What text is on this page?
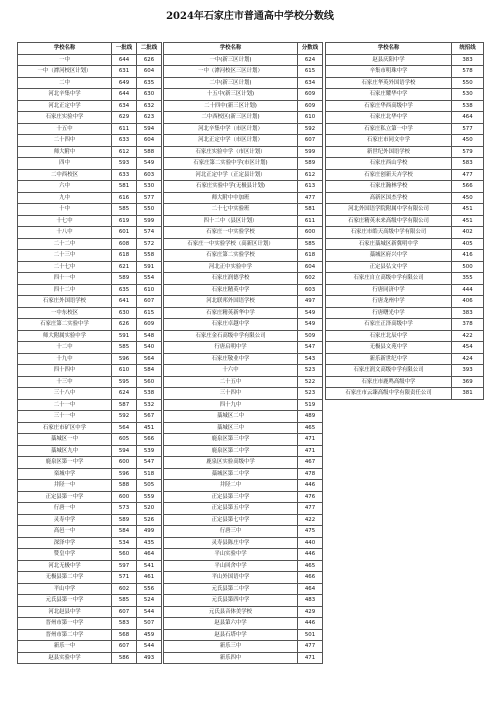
2024年石家庄市普通高中学校分数线
学校名称	一批线	二批线
一中	644	626
一中（滹河校区计划）	631	604
二中	649	635
河北辛集中学	644	630
河北正定中学	634	632
石家庄实验中学	629	623
十五中	611	594
二十四中	633	604
师大附中	612	588
四中	593	549
二中西校区	633	603
六中	581	530
九中	616	577
十中	585	550
十七中	619	599
十八中	601	574
二十二中	608	572
二十三中	618	558
二十七中	621	591
四十一中	589	554
四十二中	635	610
石家庄外国语学校	641	607
一中东校区	630	615
石家庄第二实验中学	626	609
师大附属实验中学	591	548
十二中	585	540
十九中	596	564
四十四中	610	584
十三中	595	560
三十八中	624	538
二十一中	587	532
三十一中	592	567
石家庄市矿区中学	564	451
藁城区一中	605	566
藁城区九中	594	539
鹿泉区第一中学	600	547
栾城中学	596	518
井陉一中	588	505
正定县第一中学	600	559
行唐一中	573	520
灵寿中学	589	526
高邑一中	584	499
深泽中学	534	435
赞皇中学	560	464
河北无极中学	597	541
无极县第二中学	571	461
平山中学	602	556
元氏县第一中学	585	524
河北赵县中学	607	544
晋州市第一中学	583	507
晋州市第二中学	568	459
新乐一中	607	544
赵县实验中学	586	493
学校名称	分数线
一中(新三区计划)	624
一中（滹河校区三区计划）	615
二中(新三区计划)	634
十五中(新三区计划)	609
二十四中(新三区计划)	609
二中西校区(新三区计划)	610
河北辛集中学（市区计划）	592
河北正定中学（市区计划）	607
石家庄实验中学（市区计划）	599
石家庄第二实验中学(市区计划)	589
河北正定中学（正定县计划）	612
石家庄实验中学(无极县计划)	613
师大附中中加班	477
二十七中实验班	581
四十二中（县区计划）	611
石家庄一中实验学校	600
石家庄一中实验学校（高新区计划）	585
石家庄第二实验学校	618
河北正中实验中学	604
石家庄润德学校	602
石家庄精英中学	603
河北联邦外国语学校	497
石家庄精英新华中学	549
石家庄卓越中学	549
石家庄金石高级中学有限公司	509
行唐启明中学	547
石家庄敬业中学	543
十六中	523
二十五中	522
三十四中	523
四十九中	519
藁城区二中	489
藁城区三中	465
鹿泉区第三中学	471
鹿泉区第二中学	471
鹿泉区实验高级中学	467
藁城区第二中学	478
井陉二中	446
正定县第三中学	476
正定县第五中学	477
正定县第七中学	422
行唐三中	475
灵寿县陈庄中学	440
平山实验中学	446
平山回舍中学	465
平山外国语中学	466
元氏县第二中学	464
元氏县第四中学	483
元氏县音体美学校	429
赵县第六中学	446
赵县石塔中学	501
新乐三中	477
新乐四中	471
学校名称	统招线
赵县庆阳中学	383
辛集市明珠中学	578
石家庄华英外国语学校	550
石家庄耀华中学	530
石家庄华西高级中学	538
石家庄北华中学	464
石家庄私立第一中学	577
石家庄市同文中学	450
新世纪外国语学校	579
石家庄西山学校	583
石家庄创新天卉学校	477
石家庄瀚林学校	566
高新区国杰学校	450
河北外国语学院附属中学有限公司	451
石家庄精英未来高级中学有限公司	451
石家庄市皓天高级中学有限公司	402
石家庄藁城区新冀明中学	405
藁城区府兴中学	416
正定县弘文中学	500
石家庄自立高级中学有限公司	355
行唐同济中学	444
行唐龙州中学	406
行唐曙光中学	383
石家庄正泽高级中学	378
石家庄北辰中学	422
无极县文苑中学	454
新乐新世纪中学	424
石家庄润文高级中学有限公司	393
石家庄市鹿鸣高级中学	369
石家庄市云臻高级中学有限责任公司	381
